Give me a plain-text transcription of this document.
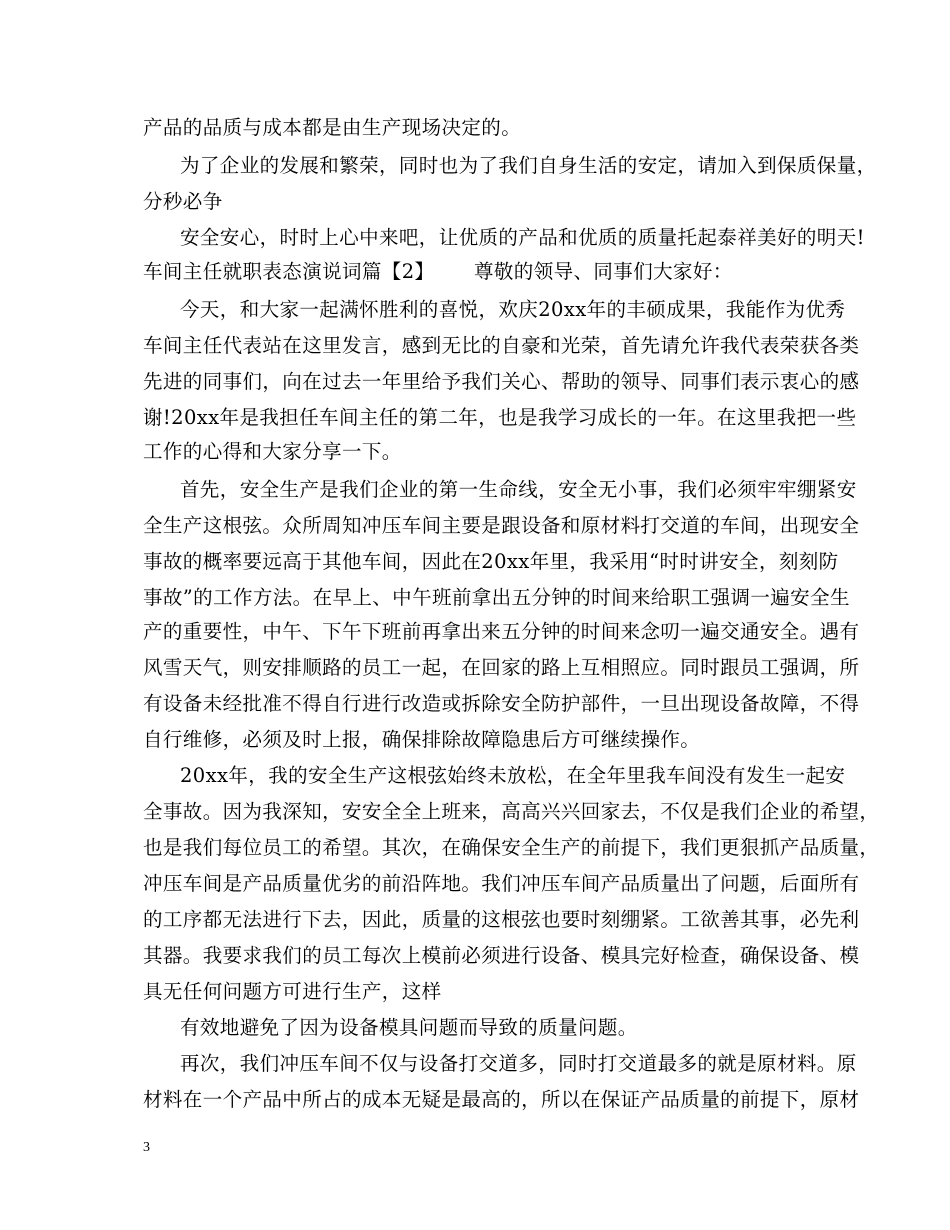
产品的品质与成本都是由生产现场决定的。
为了企业的发展和繁荣，同时也为了我们自身生活的安定，请加入到保质保量，
分秒必争
安全安心，时时上心中来吧，让优质的产品和优质的质量托起泰祥美好的明天!
车间主任就职表态演说词篇【2】      尊敬的领导、同事们大家好：
今天，和大家一起满怀胜利的喜悦，欢庆20xx年的丰硕成果，我能作为优秀
车间主任代表站在这里发言，感到无比的自豪和光荣，首先请允许我代表荣获各类
先进的同事们，向在过去一年里给予我们关心、帮助的领导、同事们表示衷心的感
谢!20xx年是我担任车间主任的第二年，也是我学习成长的一年。在这里我把一些
工作的心得和大家分享一下。
首先，安全生产是我们企业的第一生命线，安全无小事，我们必须牢牢绷紧安
全生产这根弦。众所周知冲压车间主要是跟设备和原材料打交道的车间，出现安全
事故的概率要远高于其他车间，因此在20xx年里，我采用“时时讲安全，刻刻防
事故”的工作方法。在早上、中午班前拿出五分钟的时间来给职工强调一遍安全生
产的重要性，中午、下午下班前再拿出来五分钟的时间来念叨一遍交通安全。遇有
风雪天气，则安排顺路的员工一起，在回家的路上互相照应。同时跟员工强调，所
有设备未经批准不得自行进行改造或拆除安全防护部件，一旦出现设备故障，不得
自行维修，必须及时上报，确保排除故障隐患后方可继续操作。
20xx年，我的安全生产这根弦始终未放松，在全年里我车间没有发生一起安
全事故。因为我深知，安安全全上班来，高高兴兴回家去，不仅是我们企业的希望，
也是我们每位员工的希望。其次，在确保安全生产的前提下，我们更狠抓产品质量，
冲压车间是产品质量优劣的前沿阵地。我们冲压车间产品质量出了问题，后面所有
的工序都无法进行下去，因此，质量的这根弦也要时刻绷紧。工欲善其事，必先利
其器。我要求我们的员工每次上模前必须进行设备、模具完好检查，确保设备、模
具无任何问题方可进行生产，这样
有效地避免了因为设备模具问题而导致的质量问题。
再次，我们冲压车间不仅与设备打交道多，同时打交道最多的就是原材料。原
材料在一个产品中所占的成本无疑是最高的，所以在保证产品质量的前提下，原材
3
